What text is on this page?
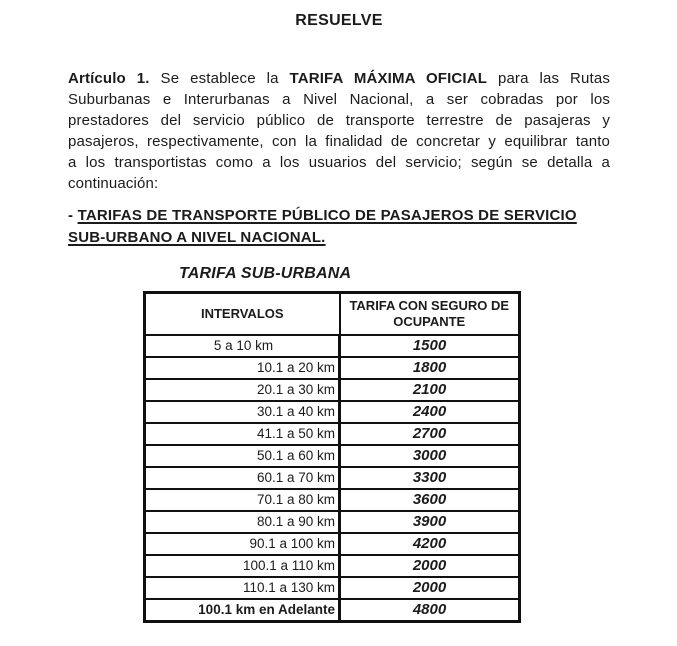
RESUELVE

Artículo 1. Se establece la TARIFA MÁXIMA OFICIAL para las Rutas Suburbanas e Interurbanas a Nivel Nacional, a ser cobradas por los prestadores del servicio público de transporte terrestre de pasajeras y pasajeros, respectivamente, con la finalidad de concretar y equilibrar tanto a los transportistas como a los usuarios del servicio; según se detalla a continuación:

- TARIFAS DE TRANSPORTE PÚBLICO DE PASAJEROS DE SERVICIO SUB-URBANO A NIVEL NACIONAL.
TARIFA SUB-URBANA
INTERVALOS	TARIFA CON SEGURO DE OCUPANTE
5 a 10 km	1500
10.1 a 20 km	1800
20.1 a 30 km	2100
30.1 a 40 km	2400
41.1 a 50 km	2700
50.1 a 60 km	3000
60.1 a 70 km	3300
70.1 a 80 km	3600
80.1 a 90 km	3900
90.1 a 100 km	4200
100.1 a 110 km	2000
110.1 a 130 km	2000
100.1 km en Adelante	4800
